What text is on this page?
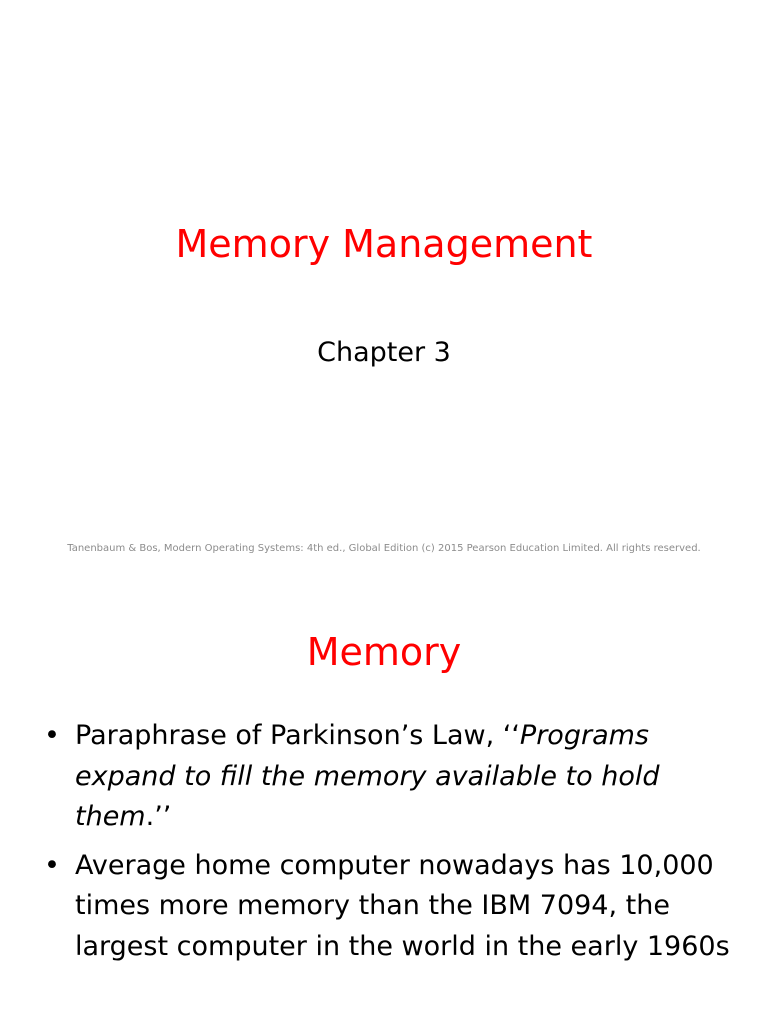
Memory Management
Chapter 3
Tanenbaum & Bos, Modern Operating Systems: 4th ed., Global Edition (c) 2015 Pearson Education Limited. All rights reserved.
Memory
• Paraphrase of Parkinson’s Law, ‘‘Programs expand to fill the memory available to hold them.’’
• Average home computer nowadays has 10,000 times more memory than the IBM 7094, the largest computer in the world in the early 1960s
